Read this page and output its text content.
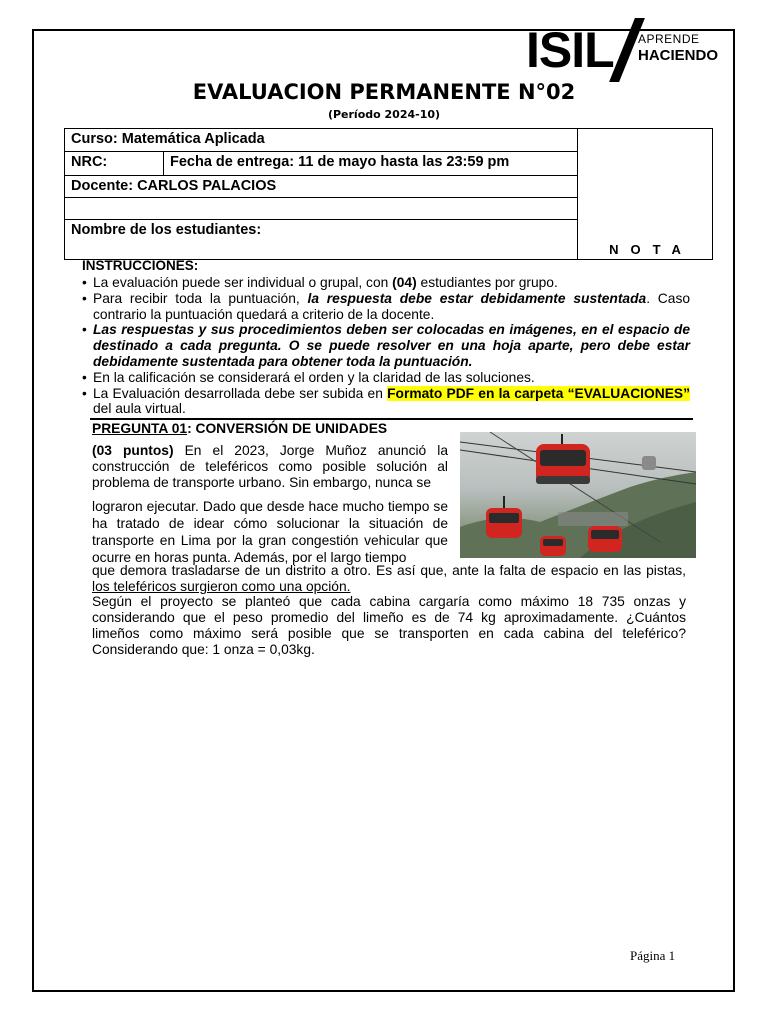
ISIL APRENDE
HACIENDO
EVALUACION PERMANENTE N°02
(Período 2024-10)
Curso: Matemática Aplicada
NRC:	Fecha de entrega: 11 de mayo hasta las 23:59 pm
Docente: CARLOS PALACIOS
Nombre de los estudiantes:
NOTA
INSTRUCCIONES:
• La evaluación puede ser individual o grupal, con (04) estudiantes por grupo.
• Para recibir toda la puntuación, la respuesta debe estar debidamente sustentada. Caso contrario la puntuación quedará a criterio de la docente.
• Las respuestas y sus procedimientos deben ser colocadas en imágenes, en el espacio de destinado a cada pregunta. O se puede resolver en una hoja aparte, pero debe estar debidamente sustentada para obtener toda la puntuación.
• En la calificación se considerará el orden y la claridad de las soluciones.
• La Evaluación desarrollada debe ser subida en Formato PDF en la carpeta “EVALUACIONES” del aula virtual.
PREGUNTA 01: CONVERSIÓN DE UNIDADES
(03 puntos) En el 2023, Jorge Muñoz anunció la construcción de teleféricos como posible solución al problema de transporte urbano. Sin embargo, nunca se
lograron ejecutar. Dado que desde hace mucho tiempo se ha tratado de idear cómo solucionar la situación de transporte en Lima por la gran congestión vehicular que ocurre en horas punta. Además, por el largo tiempo
que demora trasladarse de un distrito a otro. Es así que, ante la falta de espacio en las pistas, los teleféricos surgieron como una opción.
Según el proyecto se planteó que cada cabina cargaría como máximo 18 735 onzas y considerando que el peso promedio del limeño es de 74 kg aproximadamente. ¿Cuántos limeños como máximo será posible que se transporten en cada cabina del teleférico? Considerando que: 1 onza = 0,03kg.
Página 1
